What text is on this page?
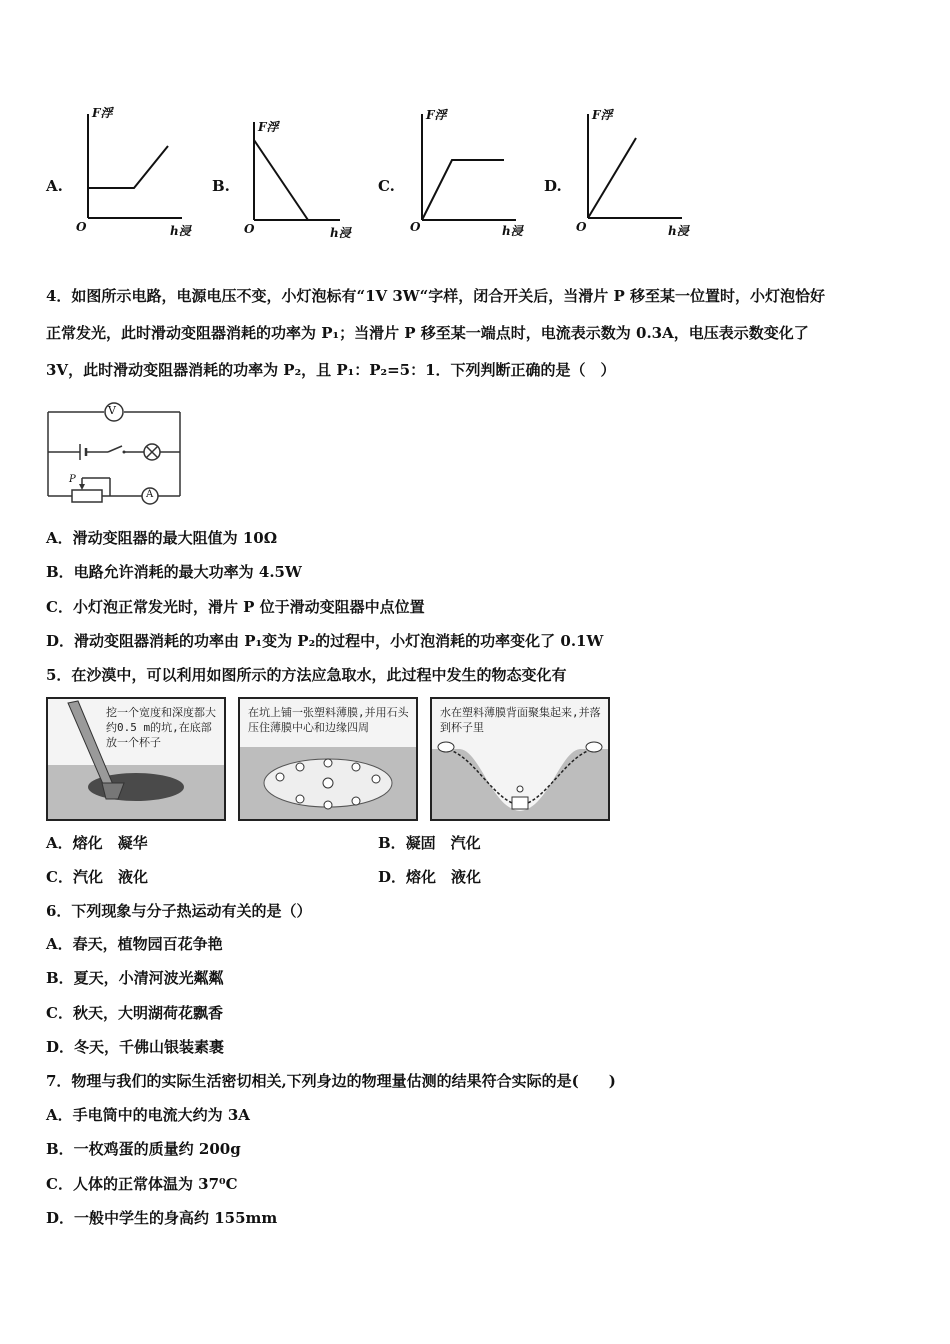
A.
F浮
h浸
O
B.
F浮
h浸
O
C.
F浮
h浸
O
D.
F浮
h浸
O
4．如图所示电路，电源电压不变，小灯泡标有“1V 3W“字样，闭合开关后，当滑片 P 移至某一位置时，小灯泡恰好
正常发光，此时滑动变阻器消耗的功率为 P₁；当滑片 P 移至某一端点时，电流表示数为 0.3A，电压表示数变化了
3V，此时滑动变阻器消耗的功率为 P₂，且 P₁：P₂=5：1．下列判断正确的是（　）
V
A
P
A．滑动变阻器的最大阻值为 10Ω
B．电路允许消耗的最大功率为 4.5W
C．小灯泡正常发光时，滑片 P 位于滑动变阻器中点位置
D．滑动变阻器消耗的功率由 P₁变为 P₂的过程中，小灯泡消耗的功率变化了 0.1W
5．在沙漠中，可以利用如图所示的方法应急取水，此过程中发生的物态变化有
挖一个宽度和深度都大约0.5 m的坑,在底部放一个杯子
在坑上铺一张塑料薄膜,并用石头压住薄膜中心和边缘四周
水在塑料薄膜背面聚集起来,并落到杯子里
A．熔化　凝华	B．凝固　汽化
C．汽化　液化	D．熔化　液化
6．下列现象与分子热运动有关的是（）
A．春天，植物园百花争艳
B．夏天，小清河波光粼粼
C．秋天，大明湖荷花飘香
D．冬天，千佛山银装素裹
7．物理与我们的实际生活密切相关,下列身边的物理量估测的结果符合实际的是(　　)
A．手电筒中的电流大约为 3A
B．一枚鸡蛋的质量约 200g
C．人体的正常体温为 37⁰C
D．一般中学生的身高约 155mm
